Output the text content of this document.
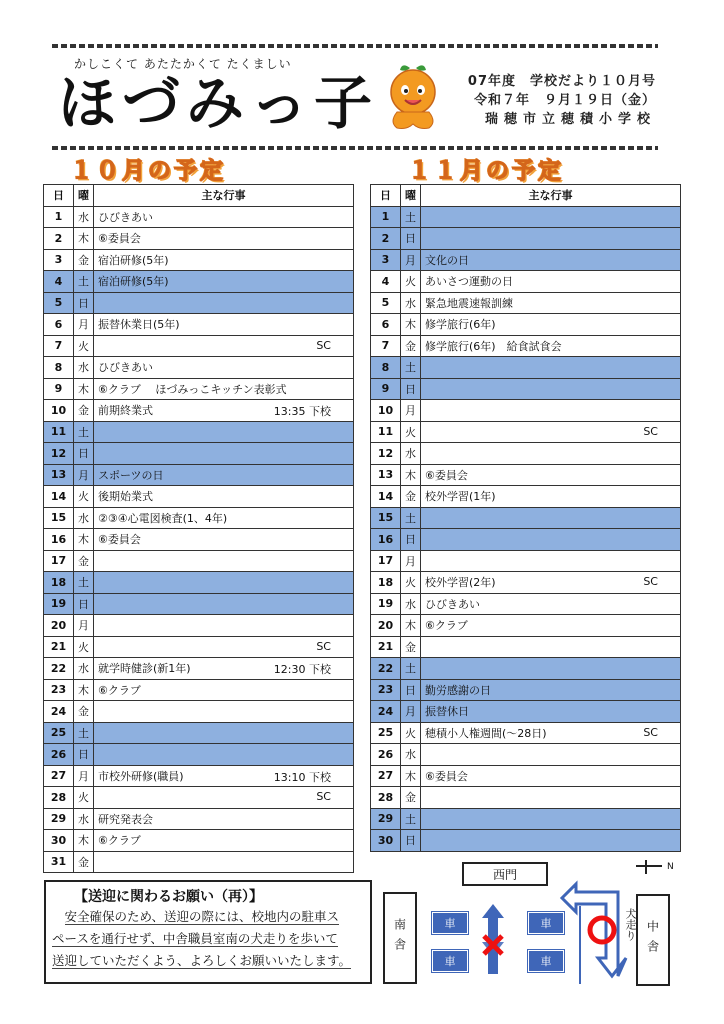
かしこくて あたたかくて たくましい
ほづみっ子	07年度　学校だより１０月号
令和７年　９月１９日（金）
瑞穂市立穂積小学校
１０月の予定	１１月の予定
日	曜	主な行事
1	水	ひびきあい

2	木	⑥委員会

3	金	宿泊研修(5年)

4	土	宿泊研修(5年)

5	日	

6	月	振替休業日(5年)

7	火	SC

8	水	ひびきあい

9	木	⑥クラブ　 ほづみっこキッチン表彰式

10	金	前期終業式 13:35 下校

11	土	

12	日	

13	月	スポーツの日

14	火	後期始業式

15	水	②③④心電図検査(1、4年)

16	木	⑥委員会

17	金	

18	土	

19	日	

20	月	

21	火	SC

22	水	就学時健診(新1年) 12:30 下校

23	木	⑥クラブ

24	金	

25	土	

26	日	

27	月	市校外研修(職員) 13:10 下校

28	火	SC

29	水	研究発表会

30	木	⑥クラブ

31	金	
日	曜	主な行事
1	土	

2	日	

3	月	文化の日

4	火	あいさつ運動の日

5	水	緊急地震速報訓練

6	木	修学旅行(6年)

7	金	修学旅行(6年)　給食試食会

8	土	

9	日	

10	月	

11	火	SC

12	水	

13	木	⑥委員会

14	金	校外学習(1年)

15	土	

16	日	

17	月	

18	火	校外学習(2年) SC

19	水	ひびきあい

20	木	⑥クラブ

21	金	

22	土	

23	日	勤労感謝の日

24	月	振替休日

25	火	穂積小人権週間(～28日) SC

26	水	

27	木	⑥委員会

28	金	

29	土	

30	日	
【送迎に関わるお願い（再）】

安全確保のため、送迎の際には、校地内の駐車ス
ペースを通行せず、中舎職員室南の犬走りを歩いて
送迎していただくよう、よろしくお願いいたします。

西門
南舎	中舎
車
車
車
車
犬走り
N
